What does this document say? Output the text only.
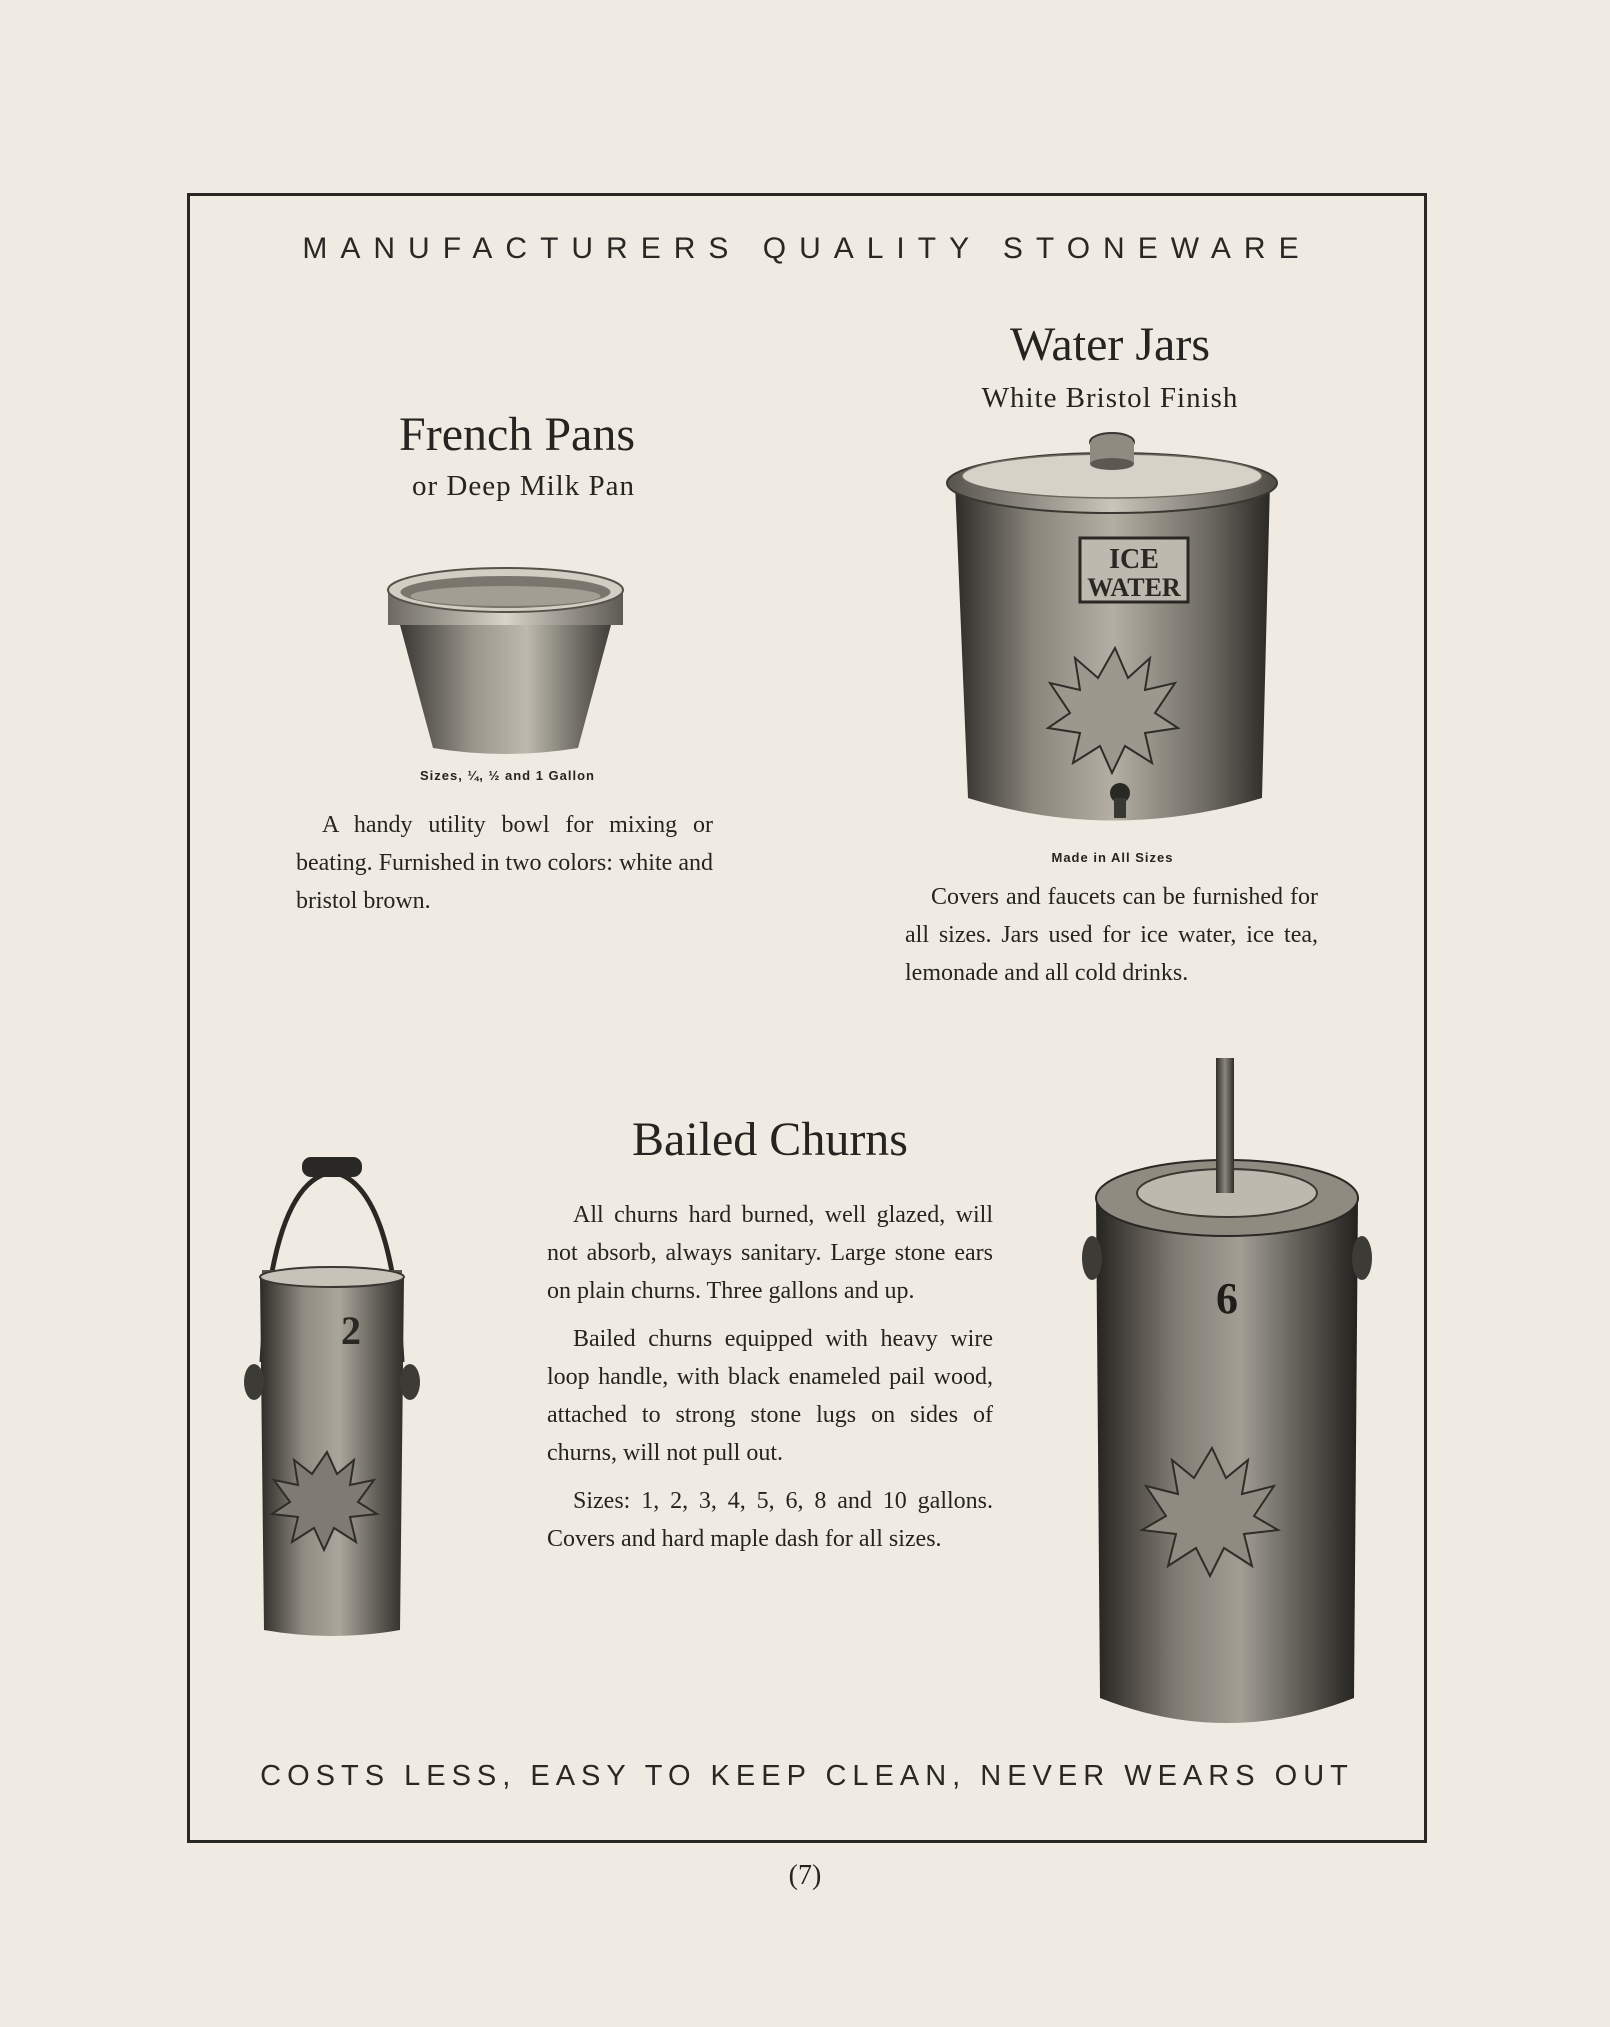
MANUFACTURERS QUALITY STONEWARE
French Pans
or Deep Milk Pan
Sizes, ¼, ½ and 1 Gallon

A handy utility bowl for mixing or beating. Furnished in two colors: white and bristol brown.

Water Jars
White Bristol Finish
ICE
WATER
Made in All Sizes

Covers and faucets can be furnished for all sizes. Jars used for ice water, ice tea, lemonade and all cold drinks.

Bailed Churns

All churns hard burned, well glazed, will not absorb, always sanitary. Large stone ears on plain churns. Three gallons and up.

Bailed churns equipped with heavy wire loop handle, with black enameled pail wood, attached to strong stone lugs on sides of churns, will not pull out.

Sizes: 1, 2, 3, 4, 5, 6, 8 and 10 gallons. Covers and hard maple dash for all sizes.

2
6
COSTS LESS, EASY TO KEEP CLEAN, NEVER WEARS OUT
(7)
